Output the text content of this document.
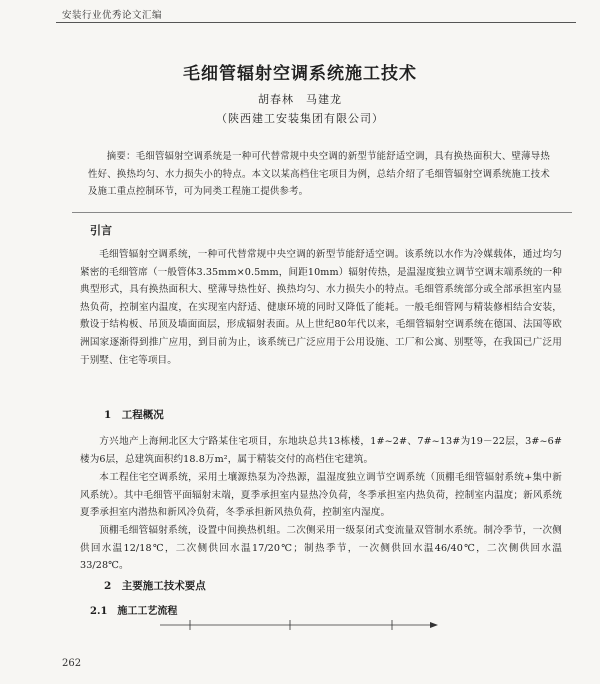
安装行业优秀论文汇编
毛细管辐射空调系统施工技术
胡春林　马建龙
（陕西建工安装集团有限公司）
摘要：毛细管辐射空调系统是一种可代替常规中央空调的新型节能舒适空调，具有换热面积大、壁薄导热性好、换热均匀、水力损失小的特点。本文以某高档住宅项目为例，总结介绍了毛细管辐射空调系统施工技术及施工重点控制环节，可为同类工程施工提供参考。
引言
毛细管辐射空调系统，一种可代替常规中央空调的新型节能舒适空调。该系统以水作为冷媒载体，通过均匀紧密的毛细管席（一般管体3.35mm×0.5mm，间距10mm）辐射传热，是温湿度独立调节空调末端系统的一种典型形式，具有换热面积大、壁薄导热性好、换热均匀、水力损失小的特点。毛细管系统部分或全部承担室内显热负荷，控制室内温度，在实现室内舒适、健康环境的同时又降低了能耗。一般毛细管网与精装修相结合安装，敷设于结构板、吊顶及墙面面层，形成辐射表面。从上世纪80年代以来，毛细管辐射空调系统在德国、法国等欧洲国家逐渐得到推广应用，到目前为止，该系统已广泛应用于公用设施、工厂和公寓、别墅等，在我国已广泛用于别墅、住宅等项目。
1　工程概况
方兴地产上海闸北区大宁路某住宅项目，东地块总共13栋楼，1#~2#、7#~13#为19－22层，3#~6#楼为6层，总建筑面积约18.8万m²，属于精装交付的高档住宅建筑。
本工程住宅空调系统，采用土壤源热泵为冷热源，温湿度独立调节空调系统（顶棚毛细管辐射系统+集中新风系统）。其中毛细管平面辐射末端，夏季承担室内显热冷负荷，冬季承担室内热负荷，控制室内温度；新风系统夏季承担室内潜热和新风冷负荷，冬季承担新风热负荷，控制室内湿度。
顶棚毛细管辐射系统，设置中间换热机组。二次侧采用一级泵闭式变流量双管制水系统。制冷季节，一次侧供回水温12/18℃，二次侧供回水温17/20℃；制热季节，一次侧供回水温46/40℃，二次侧供回水温33/28℃。
2　主要施工技术要点
2.1　施工工艺流程
262
